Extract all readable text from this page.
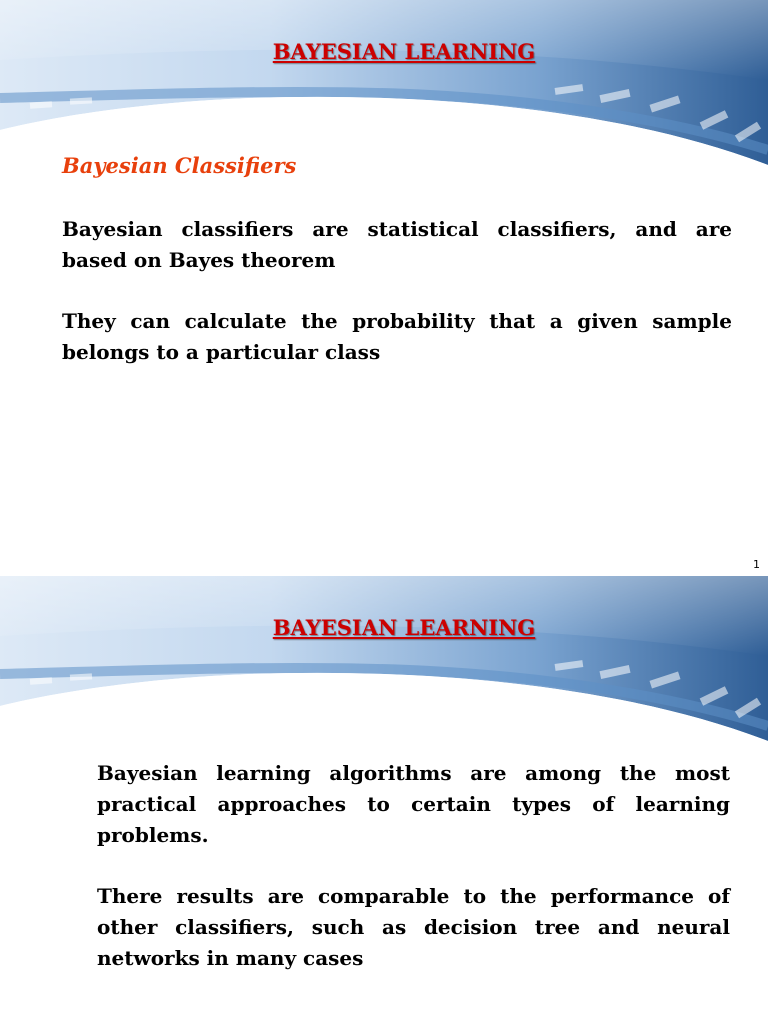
BAYESIAN LEARNING
Bayesian Classifiers

Bayesian classifiers are statistical classifiers, and are based on Bayes theorem

They can calculate the probability that a given sample belongs to a particular class

1
BAYESIAN LEARNING

Bayesian learning algorithms are among the most practical approaches to certain types of learning problems.

There results are comparable to the performance of other classifiers, such as decision tree and neural networks in many cases
